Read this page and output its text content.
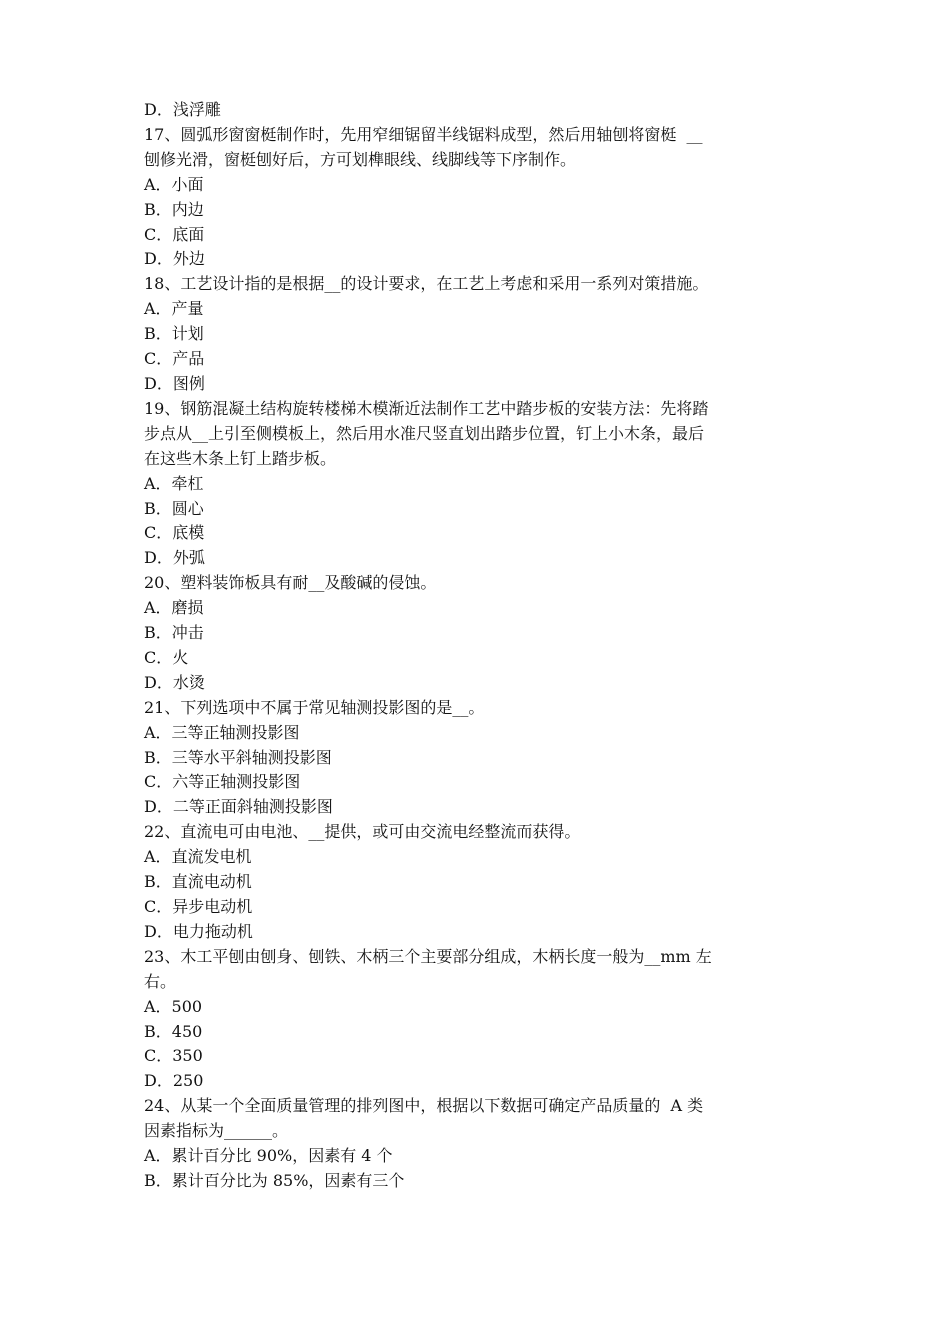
D．浅浮雕
17、圆弧形窗窗梃制作时，先用窄细锯留半线锯料成型，然后用轴刨将窗梃  __
刨修光滑，窗梃刨好后，方可划榫眼线、线脚线等下序制作。
A．小面
B．内边
C．底面
D．外边
18、工艺设计指的是根据__的设计要求，在工艺上考虑和采用一系列对策措施。
A．产量
B．计划
C．产品
D．图例
19、钢筋混凝土结构旋转楼梯木模渐近法制作工艺中踏步板的安装方法：先将踏
步点从__上引至侧模板上，然后用水准尺竖直划出踏步位置，钉上小木条，最后
在这些木条上钉上踏步板。
A．牵杠
B．圆心
C．底模
D．外弧
20、塑料装饰板具有耐__及酸碱的侵蚀。
A．磨损
B．冲击
C．火
D．水烫
21、下列选项中不属于常见轴测投影图的是__。
A．三等正轴测投影图
B．三等水平斜轴测投影图
C．六等正轴测投影图
D．二等正面斜轴测投影图
22、直流电可由电池、__提供，或可由交流电经整流而获得。
A．直流发电机
B．直流电动机
C．异步电动机
D．电力拖动机
23、木工平刨由刨身、刨铁、木柄三个主要部分组成，木柄长度一般为__mm 左
右。
A．500
B．450
C．350
D．250
24、从某一个全面质量管理的排列图中，根据以下数据可确定产品质量的  A 类
因素指标为______。
A．累计百分比 90%，因素有 4 个
B．累计百分比为 85%，因素有三个
